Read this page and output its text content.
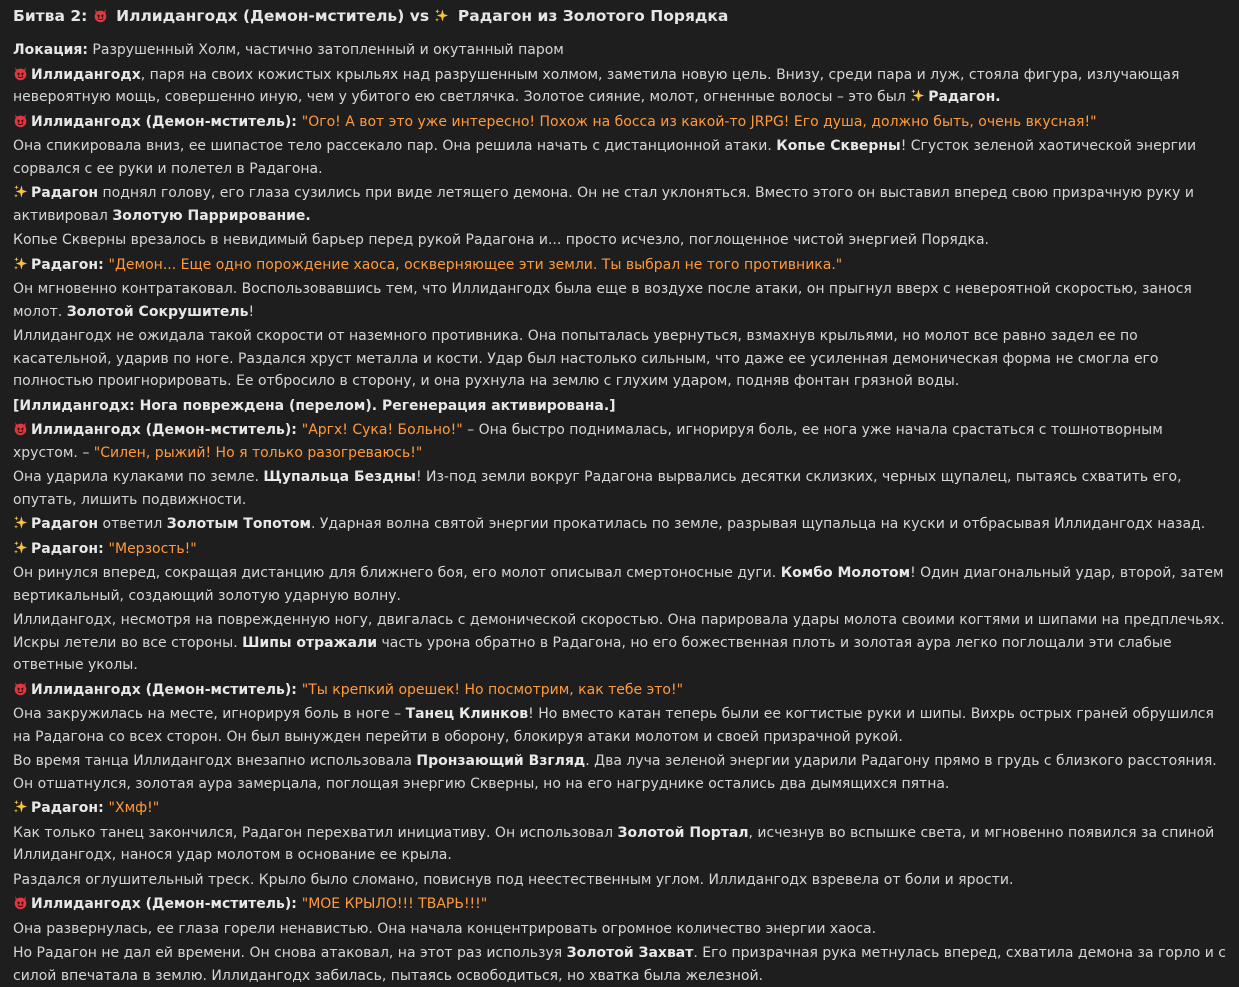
Битва 2: Иллидангодх (Демон-мститель) vs Радагон из Золотого Порядка

Локация: Разрушенный Холм, частично затопленный и окутанный паром

Иллидангодх, паря на своих кожистых крыльях над разрушенным холмом, заметила новую цель. Внизу, среди пара и луж, стояла фигура, излучающая невероятную мощь, совершенно иную, чем у убитого ею светлячка. Золотое сияние, молот, огненные волосы – это был
Радагон.

Иллидангодх (Демон-мститель): "Ого! А вот это уже интересно! Похож на босса из какой-то JRPG! Его душа, должно быть, очень вкусная!"

Она спикировала вниз, ее шипастое тело рассекало пар. Она решила начать с дистанционной атаки. Копье Скверны! Сгусток зеленой хаотической энергии сорвался с ее руки и полетел в Радагона.

Радагон поднял голову, его глаза сузились при виде летящего демона. Он не стал уклоняться. Вместо этого он выставил вперед свою призрачную руку и активировал Золотую Паррирование.

Копье Скверны врезалось в невидимый барьер перед рукой Радагона и... просто исчезло, поглощенное чистой энергией Порядка.

Радагон: "Демон... Еще одно порождение хаоса, оскверняющее эти земли. Ты выбрал не того противника."

Он мгновенно контратаковал. Воспользовавшись тем, что Иллидангодх была еще в воздухе после атаки, он прыгнул вверх с невероятной скоростью, занося молот. Золотой Сокрушитель!

Иллидангодх не ожидала такой скорости от наземного противника. Она попыталась увернуться, взмахнув крыльями, но молот все равно задел ее по касательной, ударив по ноге. Раздался хруст металла и кости. Удар был настолько сильным, что даже ее усиленная демоническая форма не смогла его полностью проигнорировать. Ее отбросило в сторону, и она рухнула на землю с глухим ударом, подняв фонтан грязной воды.

[Иллидангодх: Нога повреждена (перелом). Регенерация активирована.]

Иллидангодх (Демон-мститель): "Аргх! Сука! Больно!" – Она быстро поднималась, игнорируя боль, ее нога уже начала срастаться с тошнотворным хрустом. – "Силен, рыжий! Но я только разогреваюсь!"

Она ударила кулаками по земле. Щупальца Бездны! Из-под земли вокруг Радагона вырвались десятки склизких, черных щупалец, пытаясь схватить его, опутать, лишить подвижности.

Радагон ответил Золотым Топотом. Ударная волна святой энергии прокатилась по земле, разрывая щупальца на куски и отбрасывая Иллидангодх назад.

Радагон: "Мерзость!"

Он ринулся вперед, сокращая дистанцию для ближнего боя, его молот описывал смертоносные дуги. Комбо Молотом! Один диагональный удар, второй, затем вертикальный, создающий золотую ударную волну.

Иллидангодх, несмотря на поврежденную ногу, двигалась с демонической скоростью. Она парировала удары молота своими когтями и шипами на предплечьях. Искры летели во все стороны. Шипы отражали часть урона обратно в Радагона, но его божественная плоть и золотая аура легко поглощали эти слабые ответные уколы.

Иллидангодх (Демон-мститель): "Ты крепкий орешек! Но посмотрим, как тебе это!"

Она закружилась на месте, игнорируя боль в ноге – Танец Клинков! Но вместо катан теперь были ее когтистые руки и шипы. Вихрь острых граней обрушился на Радагона со всех сторон. Он был вынужден перейти в оборону, блокируя атаки молотом и своей призрачной рукой.

Во время танца Иллидангодх внезапно использовала Пронзающий Взгляд. Два луча зеленой энергии ударили Радагону прямо в грудь с близкого расстояния. Он отшатнулся, золотая аура замерцала, поглощая энергию Скверны, но на его нагруднике остались два дымящихся пятна.

Радагон: "Хмф!"

Как только танец закончился, Радагон перехватил инициативу. Он использовал Золотой Портал, исчезнув во вспышке света, и мгновенно появился за спиной Иллидангодх, нанося удар молотом в основание ее крыла.

Раздался оглушительный треск. Крыло было сломано, повиснув под неестественным углом. Иллидангодх взревела от боли и ярости.

Иллидангодх (Демон-мститель): "МОЕ КРЫЛО!!! ТВАРЬ!!!"

Она развернулась, ее глаза горели ненавистью. Она начала концентрировать огромное количество энергии хаоса.

Но Радагон не дал ей времени. Он снова атаковал, на этот раз используя Золотой Захват. Его призрачная рука метнулась вперед, схватила демона за горло и с силой впечатала в землю. Иллидангодх забилась, пытаясь освободиться, но хватка была железной.
